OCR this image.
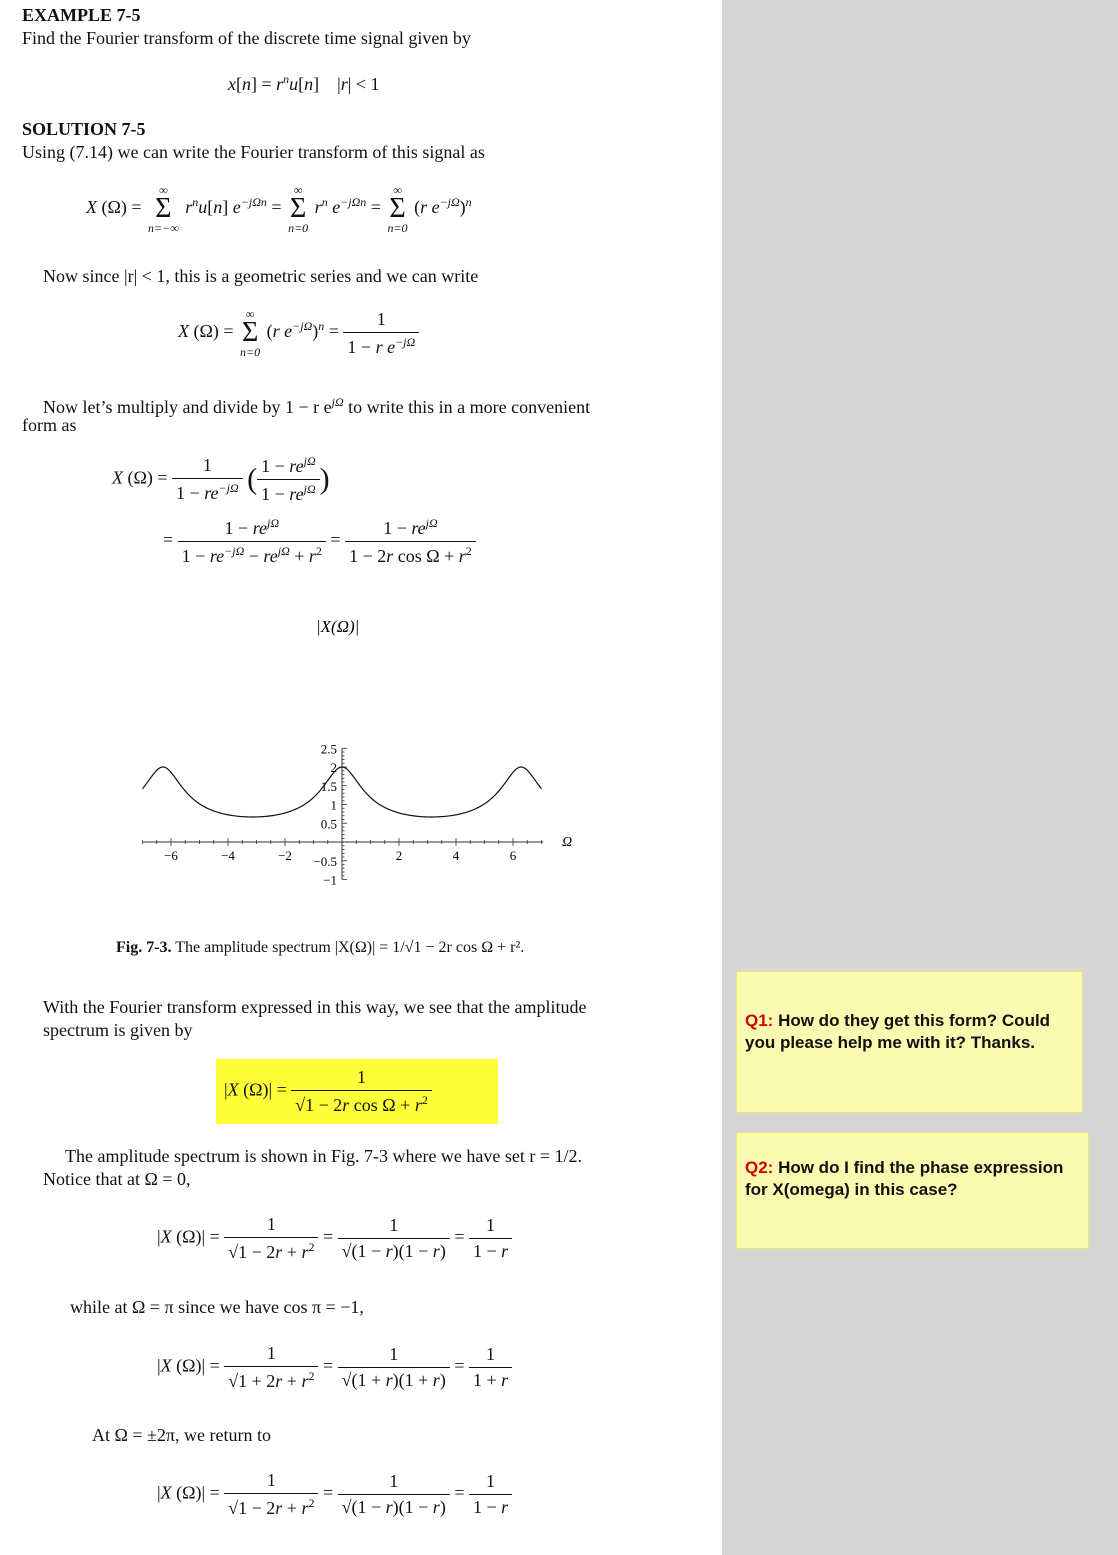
EXAMPLE 7-5
Find the Fourier transform of the discrete time signal given by
$x[n] = r^nu[n]$    |r| < 1
SOLUTION 7-5
Using (7.14) we can write the Fourier transform of this signal as
X (Ω) =
∞
Σ
n=−∞
$r^nu[n] e^{-j\Omega n}$ =
∞
Σ
n=0
$r^n$ $e^{-j\Omega n}$ =
∞
Σ
n=0
(r $e^{-j\Omega})^n$
Now since |r| < 1, this is a geometric series and we can write
X (Ω) =
∞
Σ
n=0
(r $e^{-j\Omega})^n = \frac{1}{1 - r e^{-j\Omega}}$
Now let’s multiply and divide by 1 − r $e^{j\Omega}$ to write this in a more convenient
form as
X $(\Omega) = \frac{1}{1 - re^{-j\Omega}}$ ( $\frac{1 - re^{j\Omega}}{1 - re^{j\Omega}}$ )
= $\frac{1 - re^{j\Omega}}{1 - re^{-j\Omega} - re^{j\Omega} + r^2} = \frac{1 - re^{j\Omega}}{1 - 2r \cos \Omega + r^2}$
−6	−4	−2	2	4	6
2.5
2
1.5
1
0.5
−0.5
−1
|X(Ω)|
Ω
Fig. 7-3. The amplitude spectrum |X(Ω)| = 1/√1 − 2r cos Ω + r².
With the Fourier transform expressed in this way, we see that the amplitude
spectrum is given by
|X $(\Omega)| = \frac{1}{√1 - 2r \cos \Omega + r^2}$
The amplitude spectrum is shown in Fig. 7-3 where we have set r = 1/2.
Notice that at Ω = 0,
|X $(\Omega)| = \frac{1}{√1 - 2r + r^2} = \frac{1}{√(1 - r)(1 - r)} = \frac{1}{1 - r}$
while at Ω = π since we have cos π = −1,
|X $(\Omega)| = \frac{1}{√1 + 2r + r^2} = \frac{1}{√(1 + r)(1 + r)} = \frac{1}{1 + r}$
At Ω = ±2π, we return to
|X $(\Omega)| = \frac{1}{√1 - 2r + r^2} = \frac{1}{√(1 - r)(1 - r)} = \frac{1}{1 - r}$
Q1: How do they get this form? Could you please help me with it? Thanks.
Q2: How do I find the phase expression for X(omega) in this case?
